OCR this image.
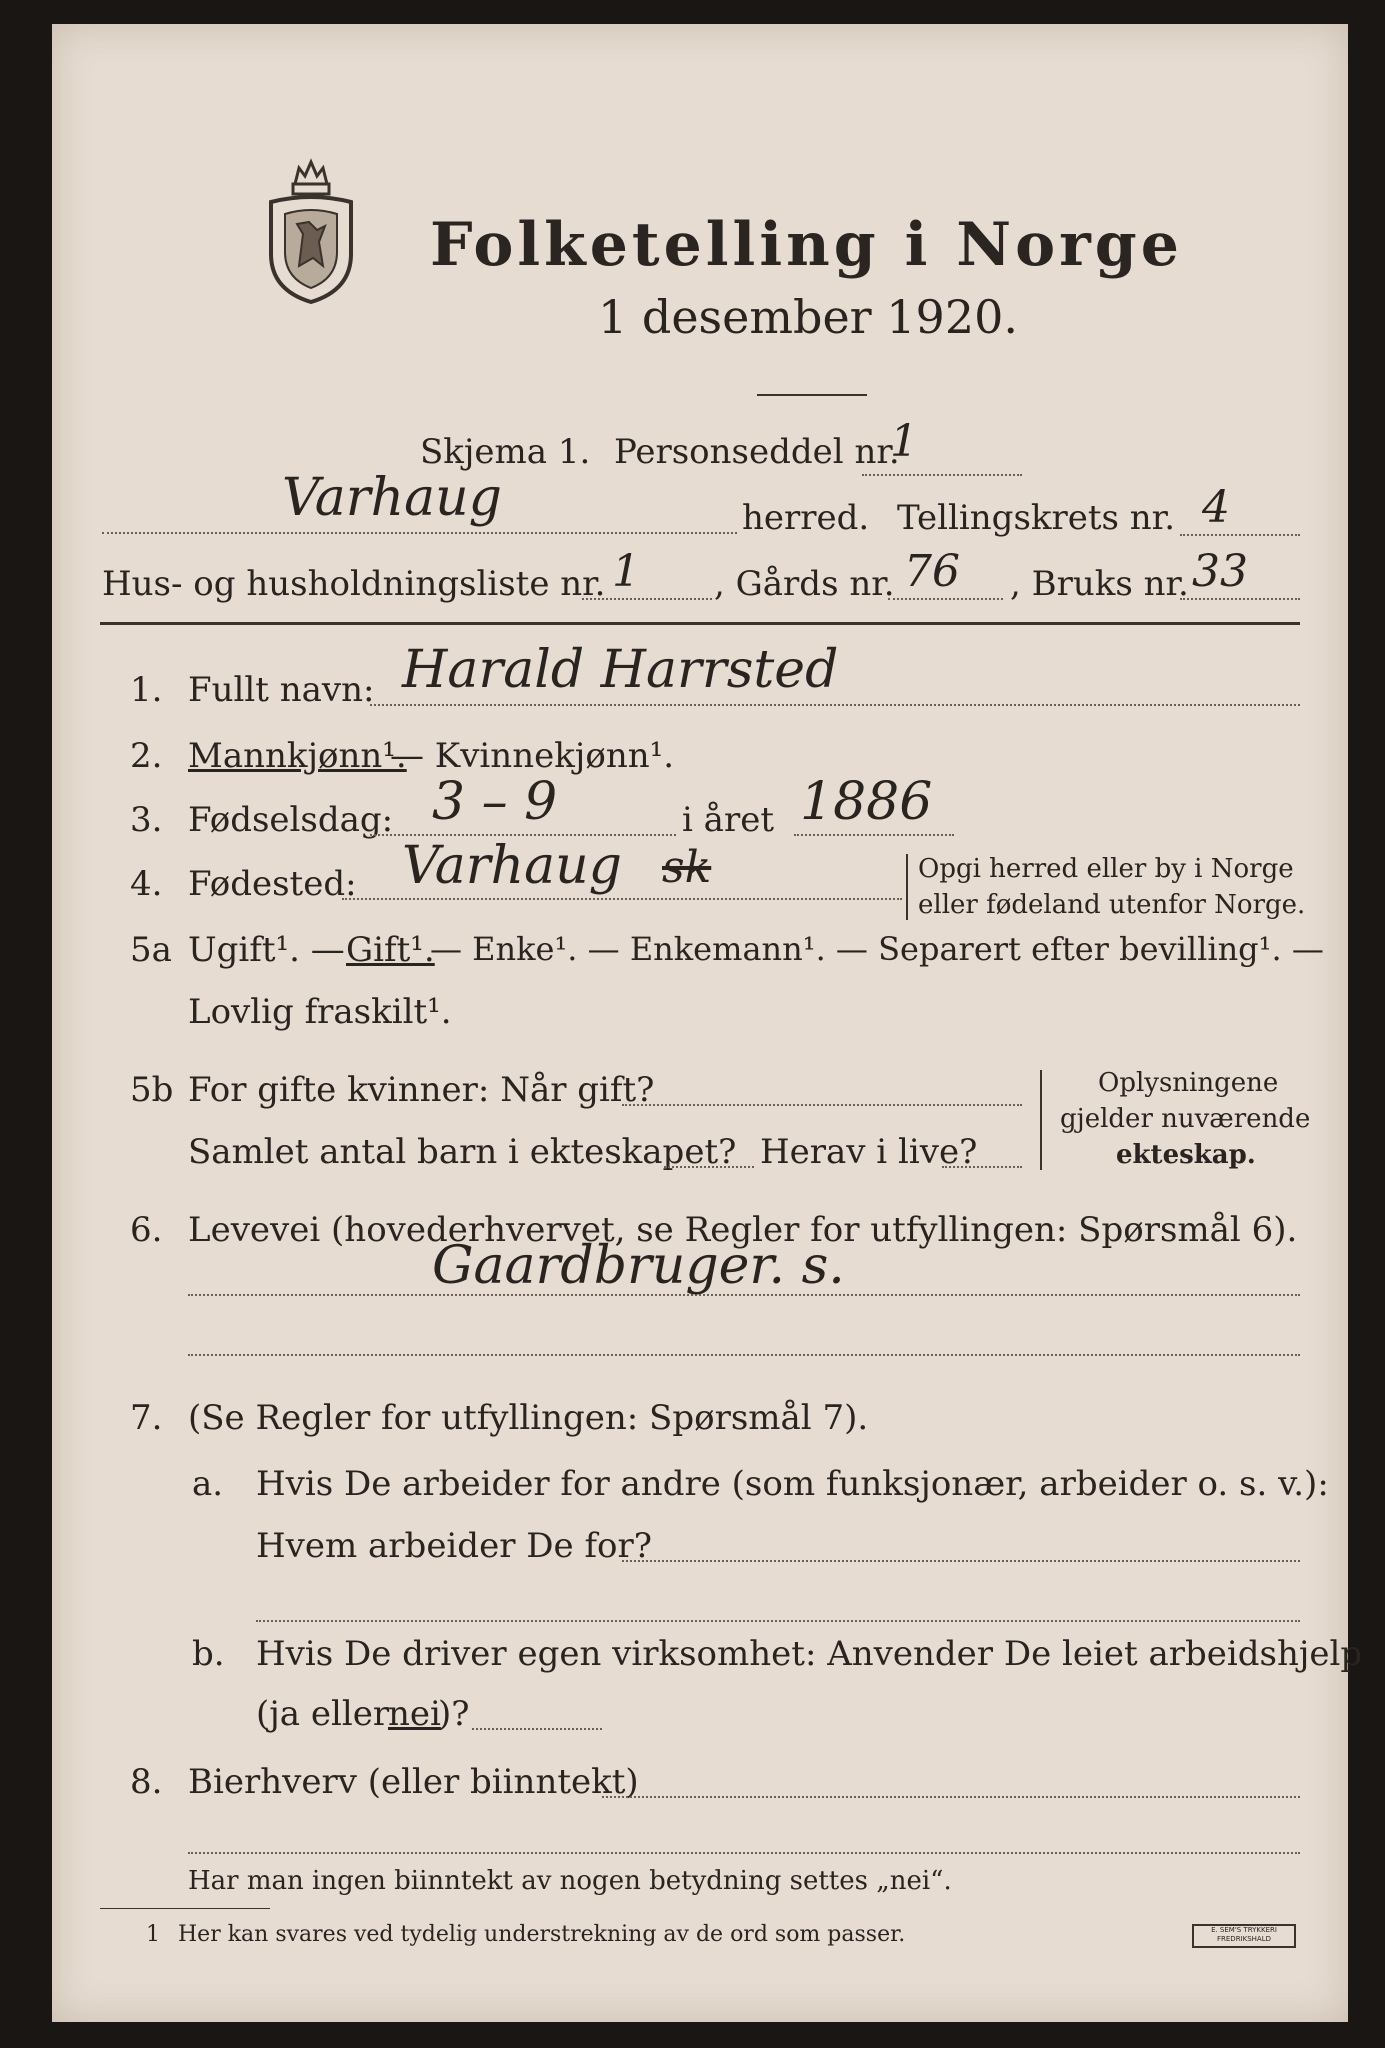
Folketelling i Norge
1 desember 1920.
Skjema 1. Personseddel nr.
1
Varhaug	herred. Tellingskrets nr. 4
Hus- og husholdningsliste nr. 1 , Gårds nr. 76 , Bruks nr. 33
1. Fullt navn: Harald Harrsted
2. Mannkjønn¹.
— Kvinnekjønn¹.
3. Fødselsdag: 3 – 9	i året 1886
4. Fødested: Varhaug sk	Opgi herred eller by i Norge
eller fødeland utenfor Norge.
5a Ugift¹. — Gift¹.
— Enke¹. — Enkemann¹. — Separert efter bevilling¹. —
Lovlig fraskilt¹.
5b For gifte kvinner: Når gift?
Samlet antal barn i ekteskapet? Herav i live?
Oplysningene
gjelder nuværende
ekteskap.
6. Levevei (hovederhvervet, se Regler for utfyllingen: Spørsmål 6).
Gaardbruger. s.
7. (Se Regler for utfyllingen: Spørsmål 7).
a. Hvis De arbeider for andre (som funksjonær, arbeider o. s. v.):
Hvem arbeider De for?
b. Hvis De driver egen virksomhet: Anvender De leiet arbeidshjelp
(ja eller
nei
)?
8. Bierhverv (eller biinntekt)
Har man ingen biinntekt av nogen betydning settes „nei“.
1 Her kan svares ved tydelig understrekning av de ord som passer.	E. SEM'S TRYKKERI
FREDRIKSHALD
